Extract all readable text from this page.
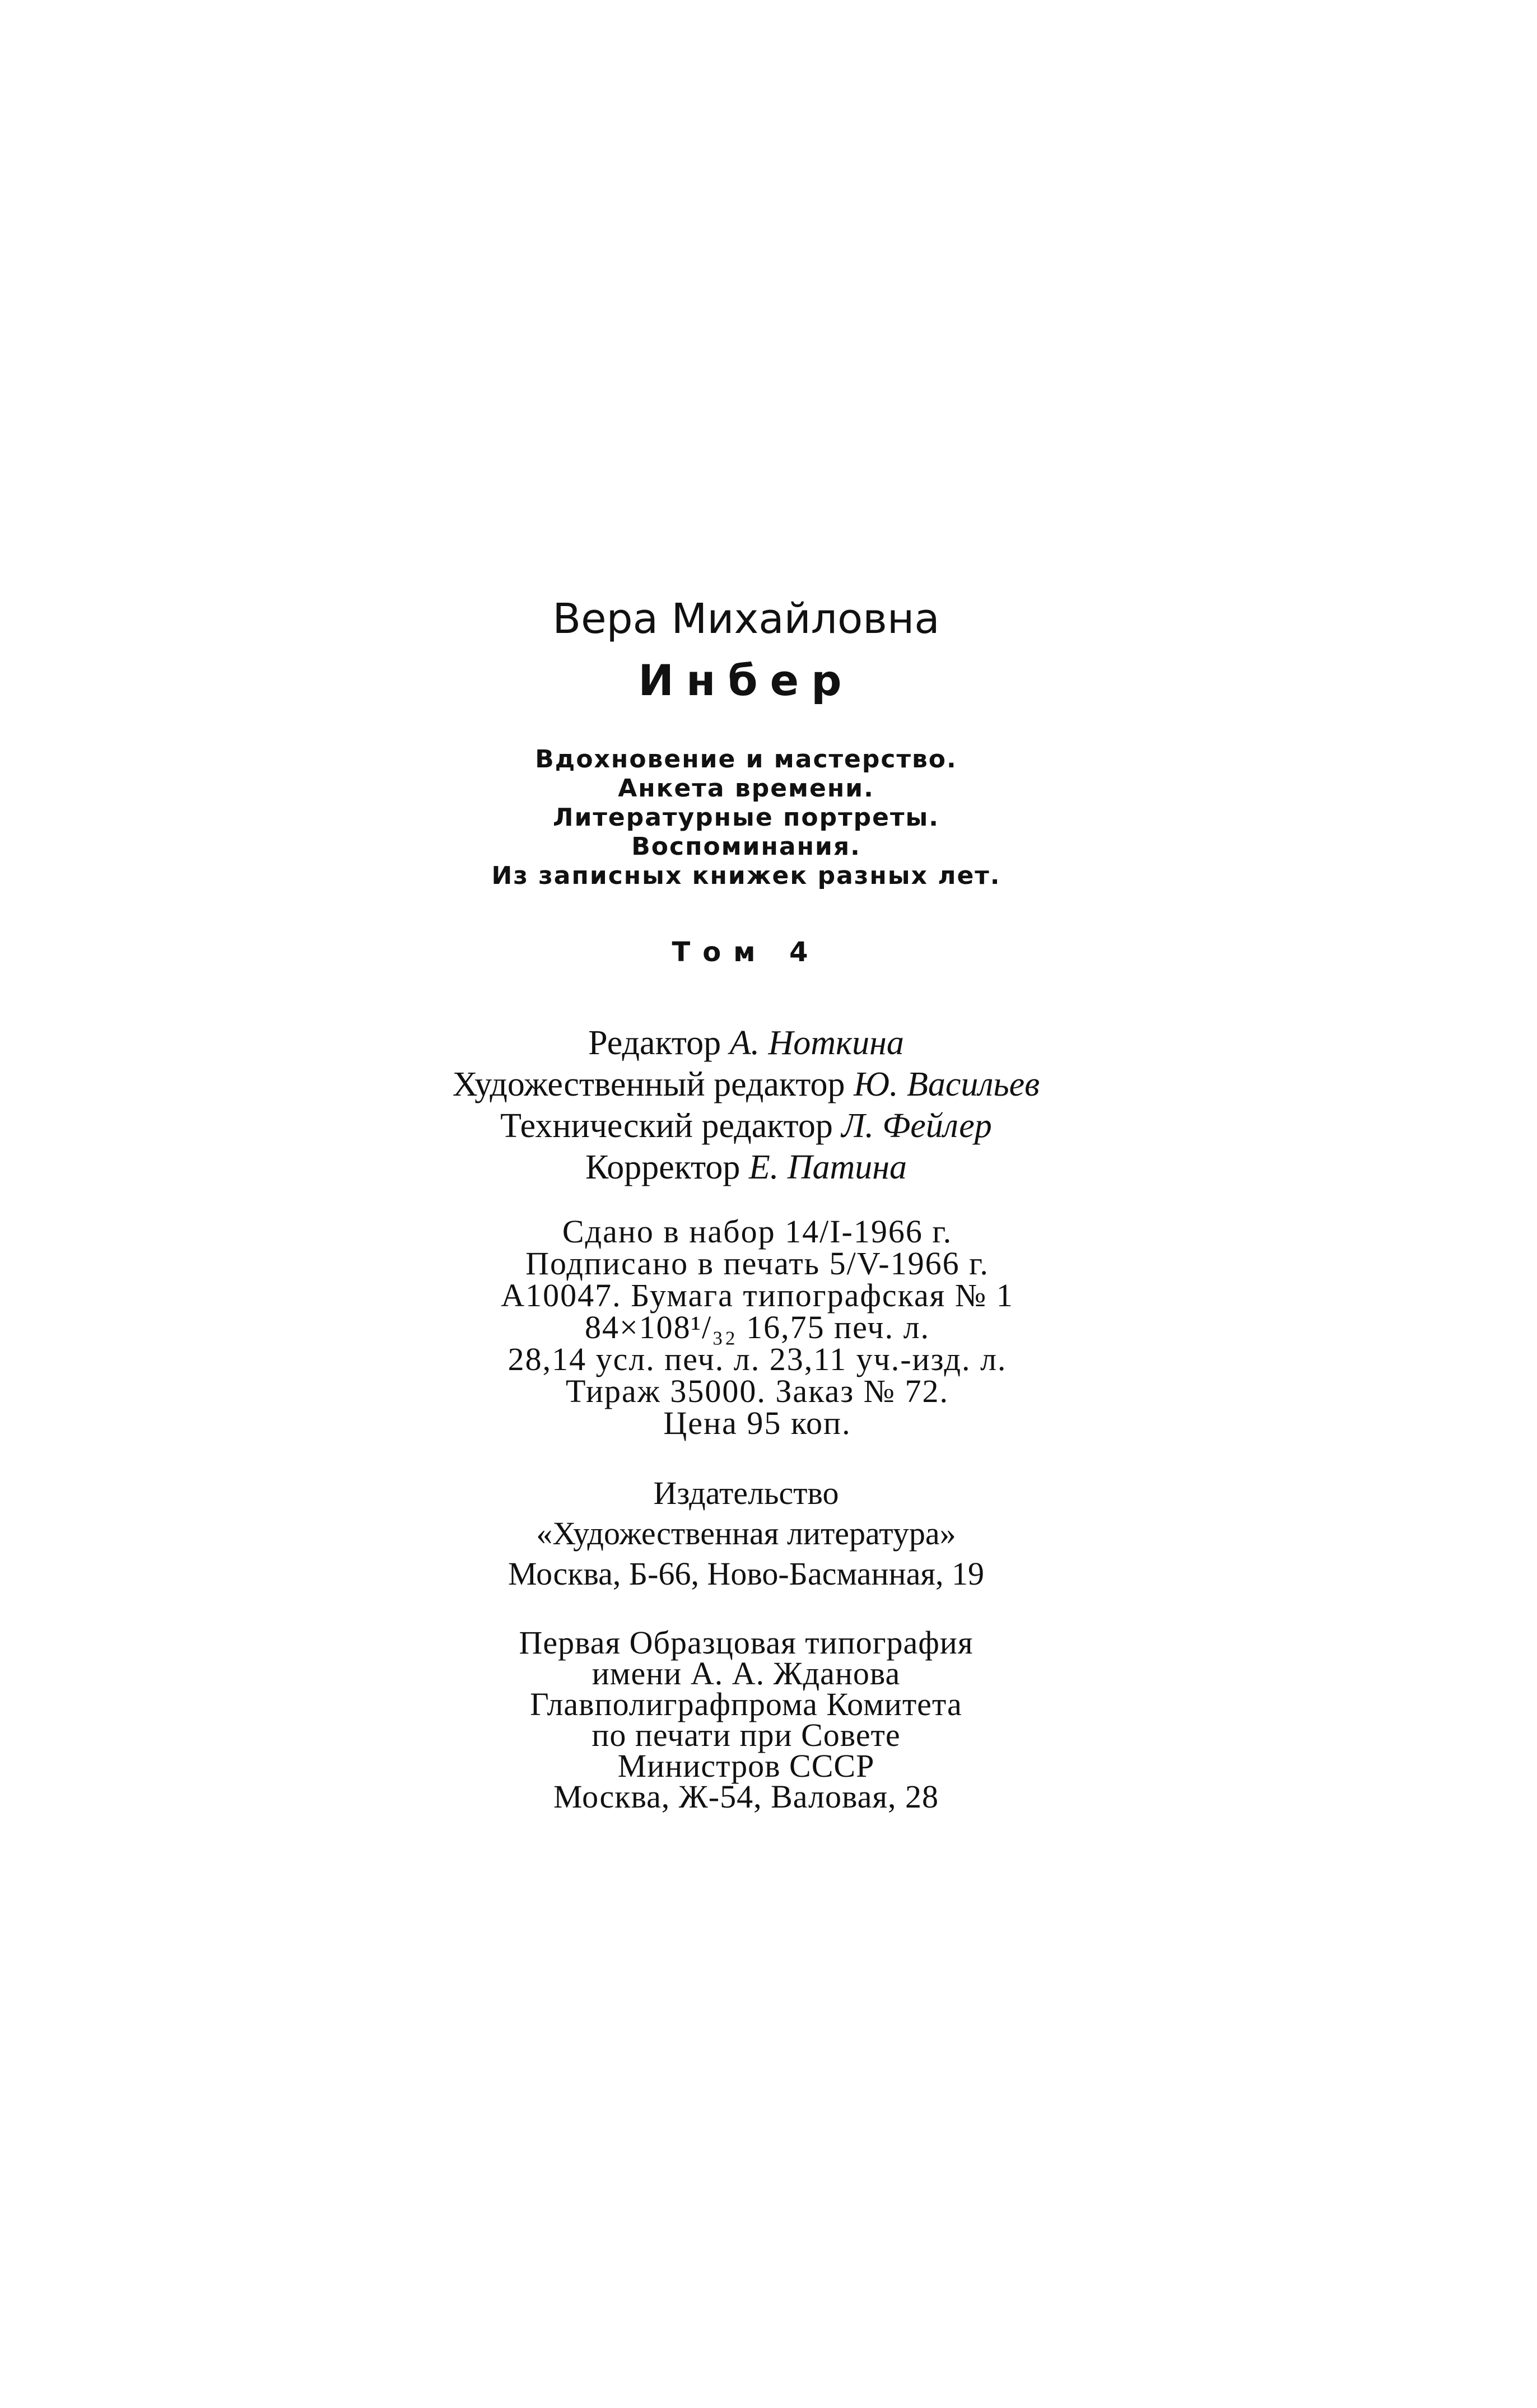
Вера Михайловна
Инбер
Вдохновение и мастерство.
Анкета времени.
Литературные портреты.
Воспоминания.
Из записных книжек разных лет.
Том 4
Редактор А. Ноткина
Художественный редактор Ю. Васильев
Технический редактор Л. Фейлер
Корректор Е. Патина
Сдано в набор 14/I-1966 г.
Подписано в печать 5/V-1966 г.
А10047. Бумага типографская № 1
84×108¹/₃₂ 16,75 печ. л.
28,14 усл. печ. л. 23,11 уч.-изд. л.
Тираж 35000. Заказ № 72.
Цена 95 коп.
Издательство
«Художественная литература»
Москва, Б-66, Ново-Басманная, 19
Первая Образцовая типография
имени А. А. Жданова
Главполиграфпрома Комитета
по печати при Совете
Министров СССР
Москва, Ж-54, Валовая, 28
